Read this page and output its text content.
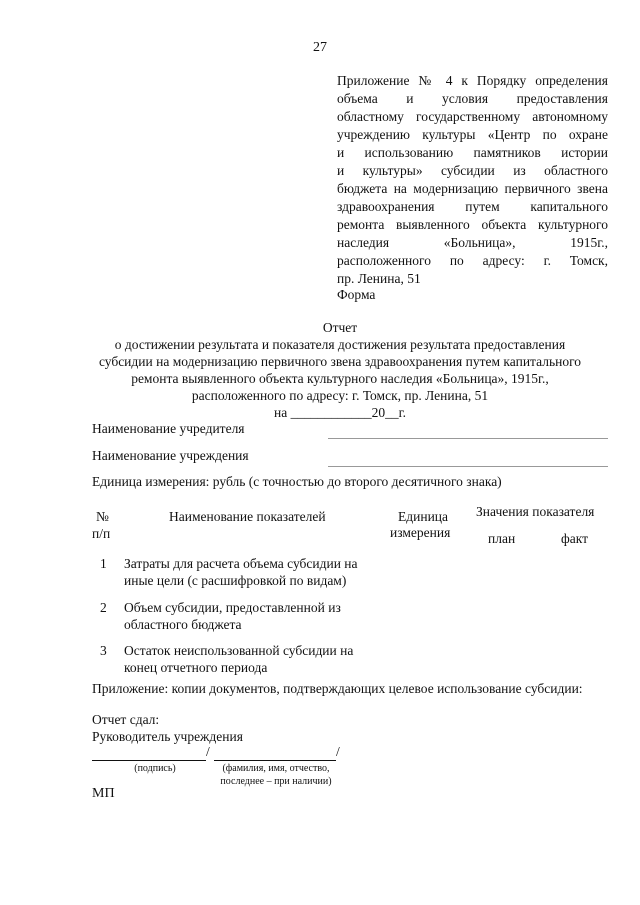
27
Приложение № 4 к Порядку определения
объема и условия предоставления
областному государственному автономному
учреждению культуры «Центр по охране
и использованию памятников истории
и культуры» субсидии из областного
бюджета на модернизацию первичного звена
здравоохранения путем капитального
ремонта выявленного объекта культурного
наследия «Больница», 1915г.,
расположенного по адресу: г. Томск,
пр. Ленина, 51
Форма
Отчет
о достижении результата и показателя достижения результата предоставления
субсидии на модернизацию первичного звена здравоохранения путем капитального
ремонта выявленного объекта культурного наследия «Больница», 1915г.,
расположенного по адресу: г. Томск, пр. Ленина, 51
на ____________20__г.
Наименование учредителя
Наименование учреждения
Единица измерения: рубль (с точностью до второго десятичного знака)
№
п/п
Наименование показателей	Единица
измерения
Значения показателя
план	факт
1 Затраты для расчета объема субсидии на
иные цели (с расшифровкой по видам)
2 Объем субсидии, предоставленной из
областного бюджета
3 Остаток неиспользованной субсидии на
конец отчетного периода
Приложение: копии документов, подтверждающих целевое использование субсидии:
Отчет сдал:
Руководитель учреждения
/	/
(подпись)	(фамилия, имя, отчество,
последнее – при наличии)
МП
